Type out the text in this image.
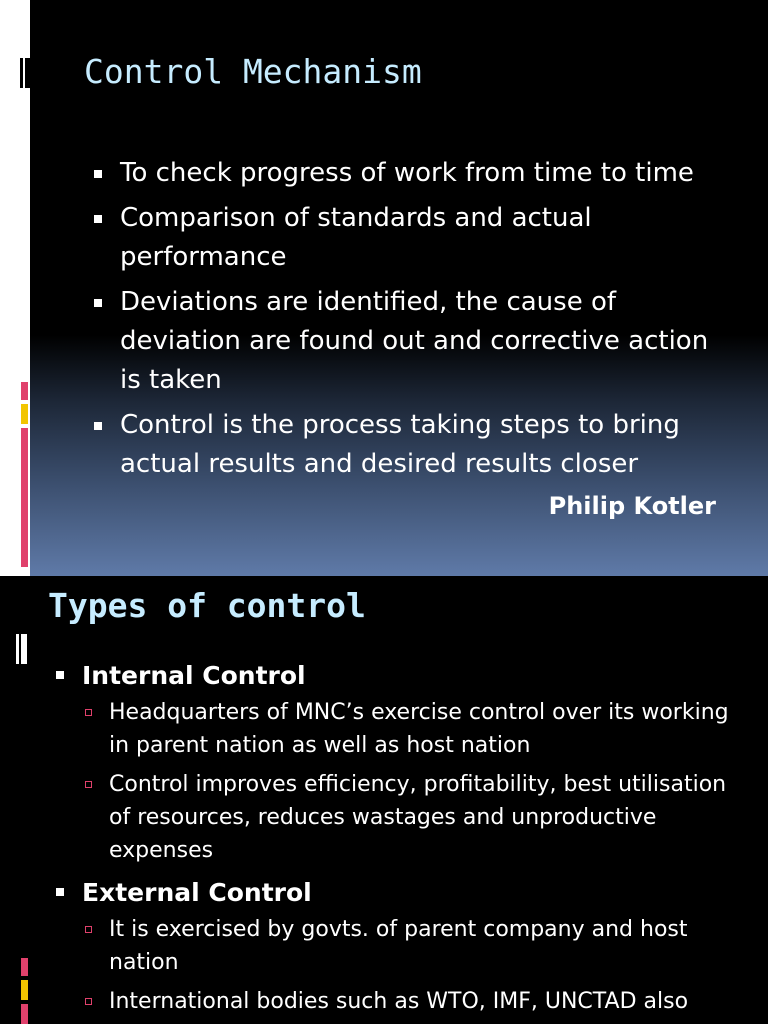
Control Mechanism
To check progress of work from time to time
Comparison of standards and actual performance
Deviations are identified, the cause of deviation are found out and corrective action is taken
Control is the process taking steps to bring actual results and desired results closer
Philip Kotler
Types of control
Internal Control
Headquarters of MNC’s exercise control over its working in parent nation as well as host nation
Control improves efficiency, profitability, best utilisation of resources, reduces wastages and unproductive expenses
External Control
It is exercised by govts. of parent company and host nation
International bodies such as WTO, IMF, UNCTAD also
